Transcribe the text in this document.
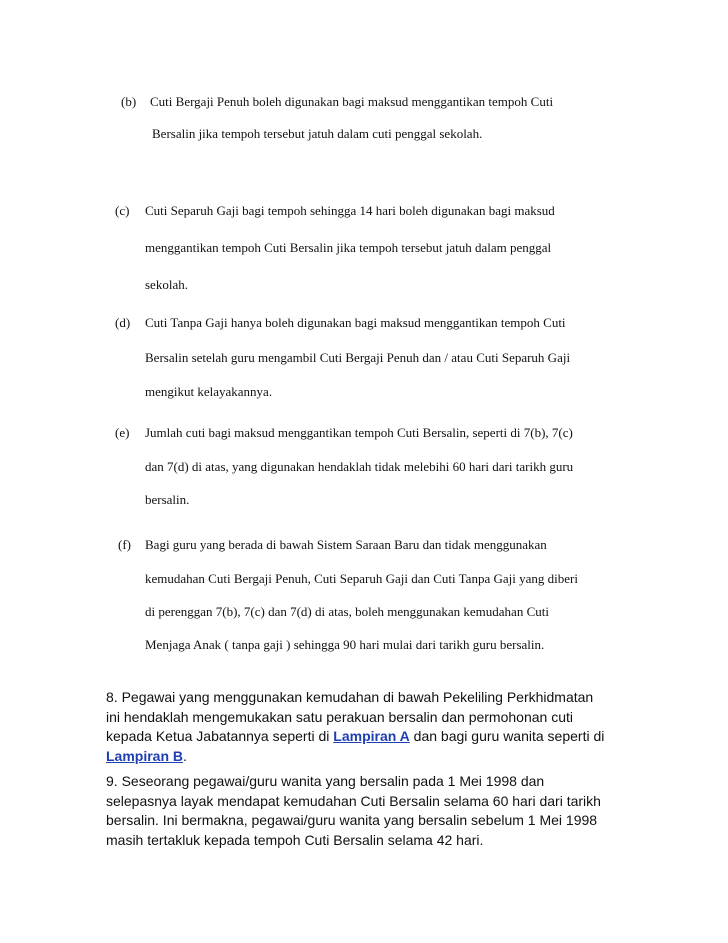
(b) Cuti Bergaji Penuh boleh digunakan bagi maksud menggantikan tempoh Cuti
Bersalin jika tempoh tersebut jatuh dalam cuti penggal sekolah.
(c) Cuti Separuh Gaji bagi tempoh sehingga 14 hari boleh digunakan bagi maksud
menggantikan tempoh Cuti Bersalin jika tempoh tersebut jatuh dalam penggal
sekolah.
(d) Cuti Tanpa Gaji hanya boleh digunakan bagi maksud menggantikan tempoh Cuti
Bersalin setelah guru mengambil Cuti Bergaji Penuh dan / atau Cuti Separuh Gaji
mengikut kelayakannya.
(e) Jumlah cuti bagi maksud menggantikan tempoh Cuti Bersalin, seperti di 7(b), 7(c)
dan 7(d) di atas, yang digunakan hendaklah tidak melebihi 60 hari dari tarikh guru
bersalin.
(f) Bagi guru yang berada di bawah Sistem Saraan Baru dan tidak menggunakan
kemudahan Cuti Bergaji Penuh, Cuti Separuh Gaji dan Cuti Tanpa Gaji yang diberi
di perenggan 7(b), 7(c) dan 7(d) di atas, boleh menggunakan kemudahan Cuti
Menjaga Anak ( tanpa gaji ) sehingga 90 hari mulai dari tarikh guru bersalin.
8. Pegawai yang menggunakan kemudahan di bawah Pekeliling Perkhidmatan
ini hendaklah mengemukakan satu perakuan bersalin dan permohonan cuti
kepada Ketua Jabatannya seperti di Lampiran A dan bagi guru wanita seperti di
Lampiran B.
9. Seseorang pegawai/guru wanita yang bersalin pada 1 Mei 1998 dan
selepasnya layak mendapat kemudahan Cuti Bersalin selama 60 hari dari tarikh
bersalin. Ini bermakna, pegawai/guru wanita yang bersalin sebelum 1 Mei 1998
masih tertakluk kepada tempoh Cuti Bersalin selama 42 hari.
